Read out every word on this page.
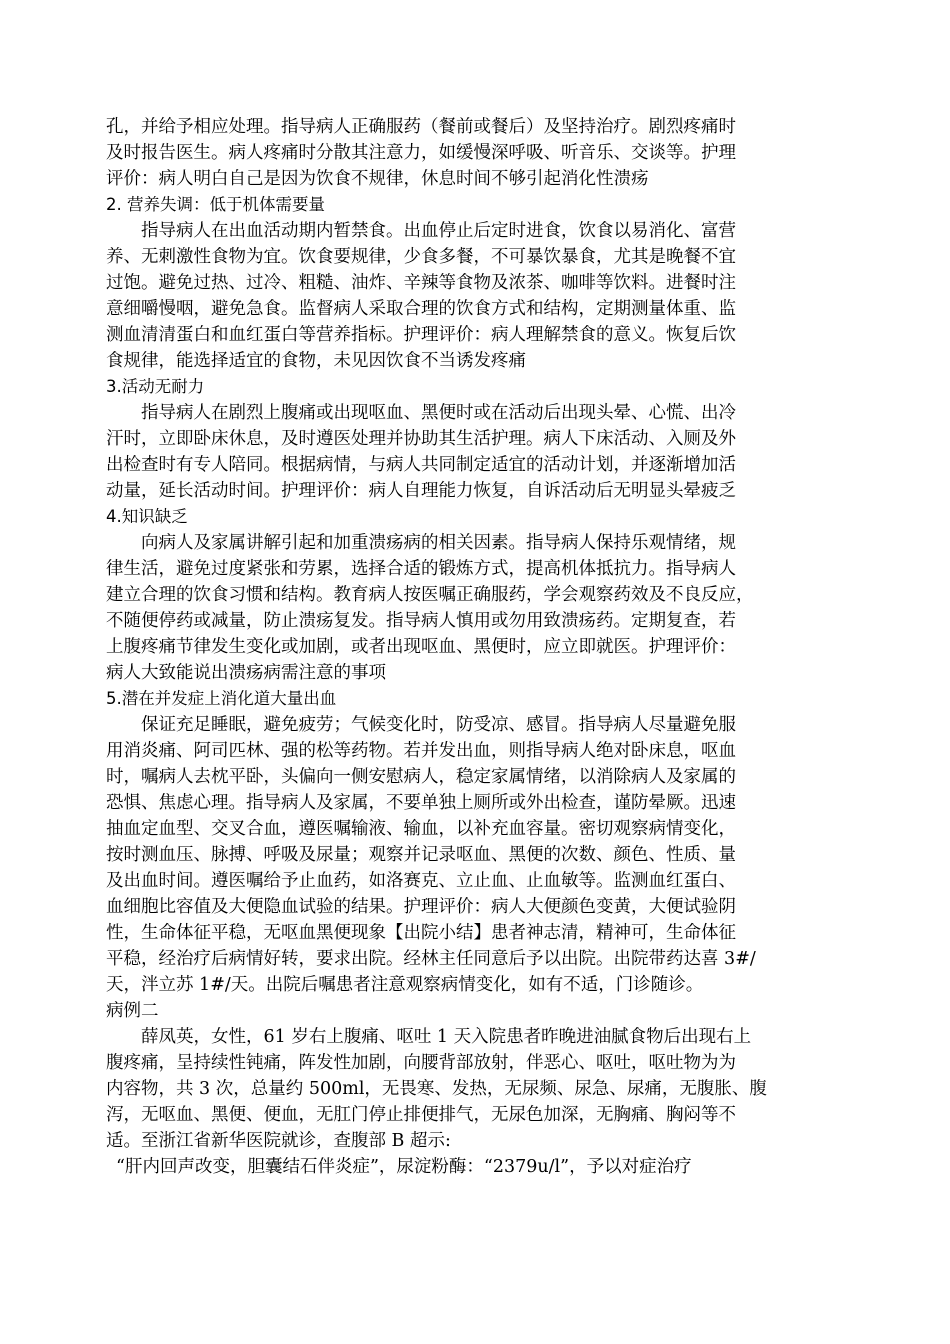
孔，并给予相应处理。指导病人正确服药（餐前或餐后）及坚持治疗。剧烈疼痛时
及时报告医生。病人疼痛时分散其注意力，如缓慢深呼吸、听音乐、交谈等。护理
评价：病人明白自己是因为饮食不规律，休息时间不够引起消化性溃疡
2. 营养失调：低于机体需要量
指导病人在出血活动期内暂禁食。出血停止后定时进食，饮食以易消化、富营
养、无刺激性食物为宜。饮食要规律，少食多餐，不可暴饮暴食，尤其是晚餐不宜
过饱。避免过热、过冷、粗糙、油炸、辛辣等食物及浓茶、咖啡等饮料。进餐时注
意细嚼慢咽，避免急食。监督病人采取合理的饮食方式和结构，定期测量体重、监
测血清清蛋白和血红蛋白等营养指标。护理评价：病人理解禁食的意义。恢复后饮
食规律，能选择适宜的食物，未见因饮食不当诱发疼痛
3.活动无耐力
指导病人在剧烈上腹痛或出现呕血、黑便时或在活动后出现头晕、心慌、出冷
汗时，立即卧床休息，及时遵医处理并协助其生活护理。病人下床活动、入厕及外
出检查时有专人陪同。根据病情，与病人共同制定适宜的活动计划，并逐渐增加活
动量，延长活动时间。护理评价：病人自理能力恢复，自诉活动后无明显头晕疲乏
4.知识缺乏
向病人及家属讲解引起和加重溃疡病的相关因素。指导病人保持乐观情绪，规
律生活，避免过度紧张和劳累，选择合适的锻炼方式，提高机体抵抗力。指导病人
建立合理的饮食习惯和结构。教育病人按医嘱正确服药，学会观察药效及不良反应，
不随便停药或减量，防止溃疡复发。指导病人慎用或勿用致溃疡药。定期复查，若
上腹疼痛节律发生变化或加剧，或者出现呕血、黑便时，应立即就医。护理评价：
病人大致能说出溃疡病需注意的事项
5.潜在并发症上消化道大量出血
保证充足睡眠，避免疲劳；气候变化时，防受凉、感冒。指导病人尽量避免服
用消炎痛、阿司匹林、强的松等药物。若并发出血，则指导病人绝对卧床息，呕血
时，嘱病人去枕平卧，头偏向一侧安慰病人，稳定家属情绪，以消除病人及家属的
恐惧、焦虑心理。指导病人及家属，不要单独上厕所或外出检查，谨防晕厥。迅速
抽血定血型、交叉合血，遵医嘱输液、输血，以补充血容量。密切观察病情变化，
按时测血压、脉搏、呼吸及尿量；观察并记录呕血、黑便的次数、颜色、性质、量
及出血时间。遵医嘱给予止血药，如洛赛克、立止血、止血敏等。监测血红蛋白、
血细胞比容值及大便隐血试验的结果。护理评价：病人大便颜色变黄，大便试验阴
性，生命体征平稳，无呕血黑便现象【出院小结】患者神志清，精神可，生命体征
平稳，经治疗后病情好转，要求出院。经林主任同意后予以出院。出院带药达喜 3#/
天，泮立苏 1#/天。出院后嘱患者注意观察病情变化，如有不适，门诊随诊。
病例二
薛凤英，女性，61 岁右上腹痛、呕吐 1 天入院患者昨晚进油腻食物后出现右上
腹疼痛，呈持续性钝痛，阵发性加剧，向腰背部放射，伴恶心、呕吐，呕吐物为为
内容物，共 3 次，总量约 500ml，无畏寒、发热，无尿频、尿急、尿痛，无腹胀、腹
泻，无呕血、黑便、便血，无肛门停止排便排气，无尿色加深，无胸痛、胸闷等不
适。至浙江省新华医院就诊，查腹部 B 超示:
“肝内回声改变，胆囊结石伴炎症”，尿淀粉酶：“2379u/l”，予以对症治疗
